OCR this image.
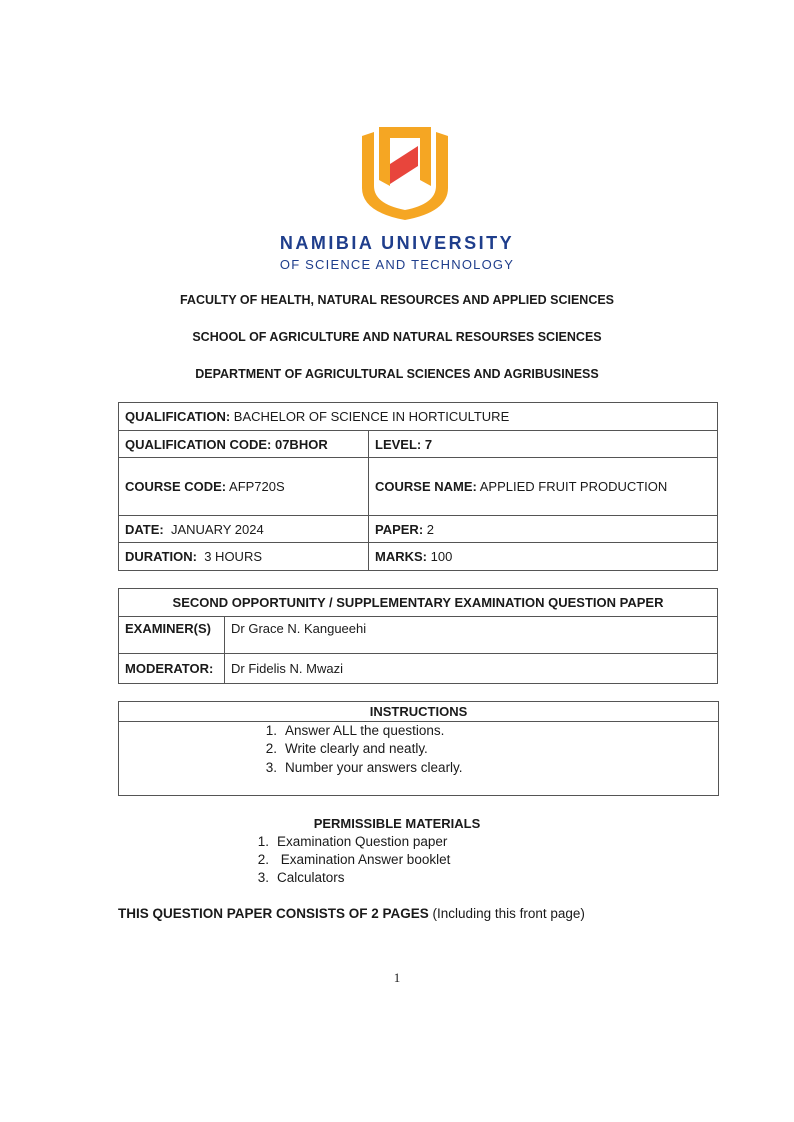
NAMIBIA UNIVERSITY
OF SCIENCE AND TECHNOLOGY
FACULTY OF HEALTH, NATURAL RESOURCES AND APPLIED SCIENCES
SCHOOL OF AGRICULTURE AND NATURAL RESOURSES SCIENCES
DEPARTMENT OF AGRICULTURAL SCIENCES AND AGRIBUSINESS
QUALIFICATION: BACHELOR OF SCIENCE IN HORTICULTURE	
QUALIFICATION CODE: 07BHOR	LEVEL: 7
COURSE CODE: AFP720S	COURSE NAME: APPLIED FRUIT PRODUCTION
DATE:  JANUARY 2024	PAPER: 2
DURATION:  3 HOURS	MARKS: 100
SECOND OPPORTUNITY / SUPPLEMENTARY EXAMINATION QUESTION PAPER	
EXAMINER(S)	Dr Grace N. Kangueehi
MODERATOR:	Dr Fidelis N. Mwazi
INSTRUCTIONS
1. Answer ALL the questions.
2. Write clearly and neatly.
3. Number your answers clearly.
PERMISSIBLE MATERIALS
1. Examination Question paper
2. Examination Answer booklet
3. Calculators
THIS QUESTION PAPER CONSISTS OF 2 PAGES (Including this front page)
1
